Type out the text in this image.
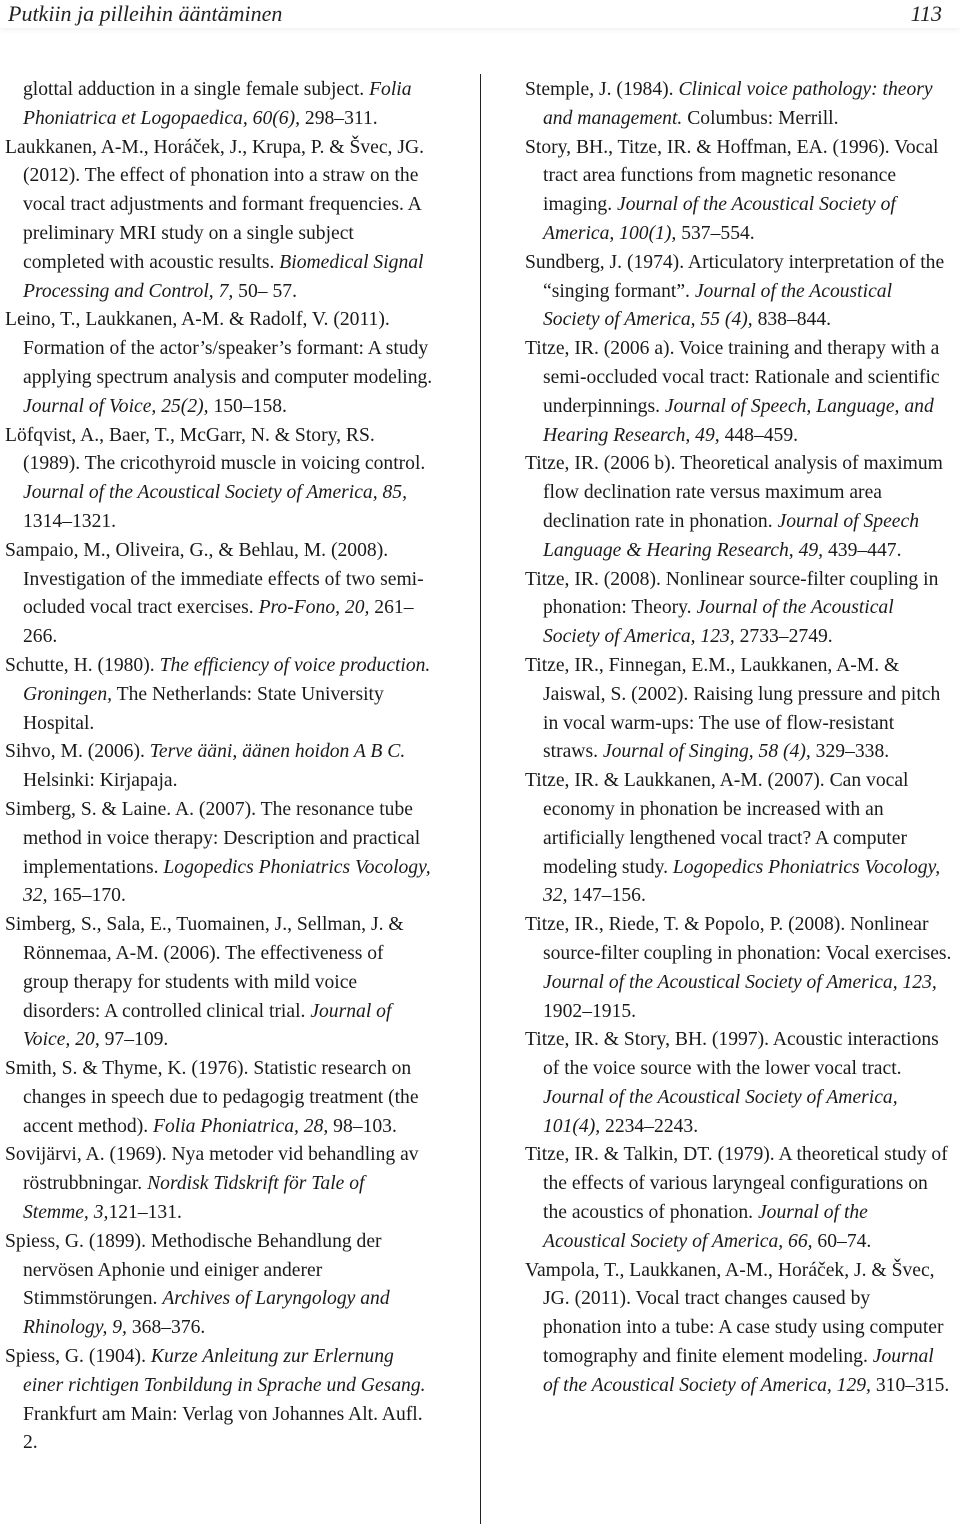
Putkiin ja pilleihin ääntäminen	113

glottal adduction in a single female subject. Folia Phoniatrica et Logopaedica, 60(6), 298–311.

Laukkanen, A-M., Horáček, J., Krupa, P. & Švec, JG. (2012). The effect of phonation into a straw on the vocal tract adjustments and formant frequencies. A preliminary MRI study on a single subject completed with acoustic results. Biomedical Signal Processing and Control, 7, 50– 57.

Leino, T., Laukkanen, A-M. & Radolf, V. (2011). Formation of the actor’s/speaker’s formant: A study applying spectrum analysis and computer modeling. Journal of Voice, 25(2), 150–158.

Löfqvist, A., Baer, T., McGarr, N. & Story, RS. (1989). The cricothyroid muscle in voicing control. Journal of the Acoustical Society of America, 85, 1314–1321.

Sampaio, M., Oliveira, G., & Behlau, M. (2008). Investigation of the immediate effects of two semi-ocluded vocal tract exercises. Pro-Fono, 20, 261–266.

Schutte, H. (1980). The efficiency of voice production. Groningen, The Netherlands: State University Hospital.

Sihvo, M. (2006). Terve ääni, äänen hoidon A B C. Helsinki: Kirjapaja.

Simberg, S. & Laine. A. (2007). The resonance tube method in voice therapy: Description and practical implementations. Logopedics Phoniatrics Vocology, 32, 165–170.

Simberg, S., Sala, E., Tuomainen, J., Sellman, J. & Rönnemaa, A-M. (2006). The effectiveness of group therapy for students with mild voice disorders: A controlled clinical trial. Journal of Voice, 20, 97–109.

Smith, S. & Thyme, K. (1976). Statistic research on changes in speech due to pedagogig treatment (the accent method). Folia Phoniatrica, 28, 98–103.

Sovijärvi, A. (1969). Nya metoder vid behandling av röstrubbningar. Nordisk Tidskrift för Tale of Stemme, 3,121–131.

Spiess, G. (1899). Methodische Behandlung der nervösen Aphonie und einiger anderer Stimmstörungen. Archives of Laryngology and Rhinology, 9, 368–376.

Spiess, G. (1904). Kurze Anleitung zur Erlernung einer richtigen Tonbildung in Sprache und Gesang. Frankfurt am Main: Verlag von Johannes Alt. Aufl. 2.

Stemple, J. (1984). Clinical voice pathology: theory and management. Columbus: Merrill.

Story, BH., Titze, IR. & Hoffman, EA. (1996). Vocal tract area functions from magnetic resonance imaging. Journal of the Acoustical Society of America, 100(1), 537–554.

Sundberg, J. (1974). Articulatory interpretation of the “singing formant”. Journal of the Acoustical Society of America, 55 (4), 838–844.

Titze, IR. (2006 a). Voice training and therapy with a semi-occluded vocal tract: Rationale and scientific underpinnings. Journal of Speech, Language, and Hearing Research, 49, 448–459.

Titze, IR. (2006 b). Theoretical analysis of maximum flow declination rate versus maximum area declination rate in phonation. Journal of Speech Language & Hearing Research, 49, 439–447.

Titze, IR. (2008). Nonlinear source-filter coupling in phonation: Theory. Journal of the Acoustical Society of America, 123, 2733–2749.

Titze, IR., Finnegan, E.M., Laukkanen, A-M. & Jaiswal, S. (2002). Raising lung pressure and pitch in vocal warm-ups: The use of flow-resistant straws. Journal of Singing, 58 (4), 329–338.

Titze, IR. & Laukkanen, A-M. (2007). Can vocal economy in phonation be increased with an artificially lengthened vocal tract? A computer modeling study. Logopedics Phoniatrics Vocology, 32, 147–156.

Titze, IR., Riede, T. & Popolo, P. (2008). Nonlinear source-filter coupling in phonation: Vocal exercises. Journal of the Acoustical Society of America, 123, 1902–1915.

Titze, IR. & Story, BH. (1997). Acoustic interactions of the voice source with the lower vocal tract. Journal of the Acoustical Society of America, 101(4), 2234–2243.

Titze, IR. & Talkin, DT. (1979). A theoretical study of the effects of various laryngeal configurations on the acoustics of phonation. Journal of the Acoustical Society of America, 66, 60–74.

Vampola, T., Laukkanen, A-M., Horáček, J. & Švec, JG. (2011). Vocal tract changes caused by phonation into a tube: A case study using computer tomography and finite element modeling. Journal of the Acoustical Society of America, 129, 310–315.
